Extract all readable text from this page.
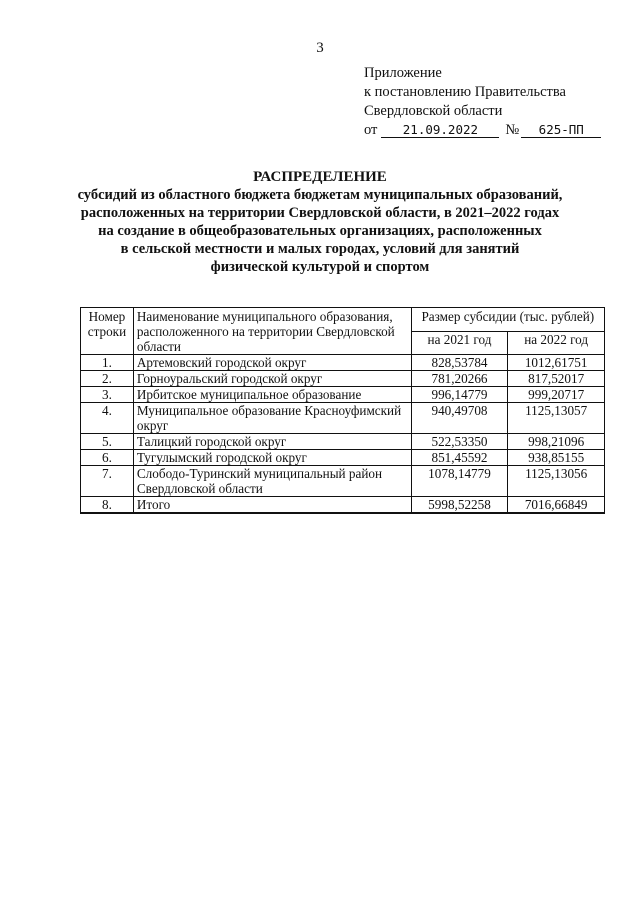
3
Приложение
к постановлению Правительства
Свердловской области
от	21.09.2022	№	625-ПП
РАСПРЕДЕЛЕНИЕ
субсидий из областного бюджета бюджетам муниципальных образований,
расположенных на территории Свердловской области, в 2021–2022 годах
на создание в общеобразовательных организациях, расположенных
в сельской местности и малых городах, условий для занятий
физической культурой и спортом
Номер строки	Наименование муниципального образования, расположенного на территории Свердловской области	Размер субсидии (тыс. рублей)	
		на 2021 год	на 2022 год
1.	Артемовский городской округ	828,53784	1012,61751
2.	Горноуральский городской округ	781,20266	817,52017
3.	Ирбитское муниципальное образование	996,14779	999,20717
4.	Муниципальное образование Красноуфимский округ	940,49708	1125,13057
5.	Талицкий городской округ	522,53350	998,21096
6.	Тугулымский городской округ	851,45592	938,85155
7.	Слободо-Туринский муниципальный район Свердловской области	1078,14779	1125,13056
8.	Итого	5998,52258	7016,66849
